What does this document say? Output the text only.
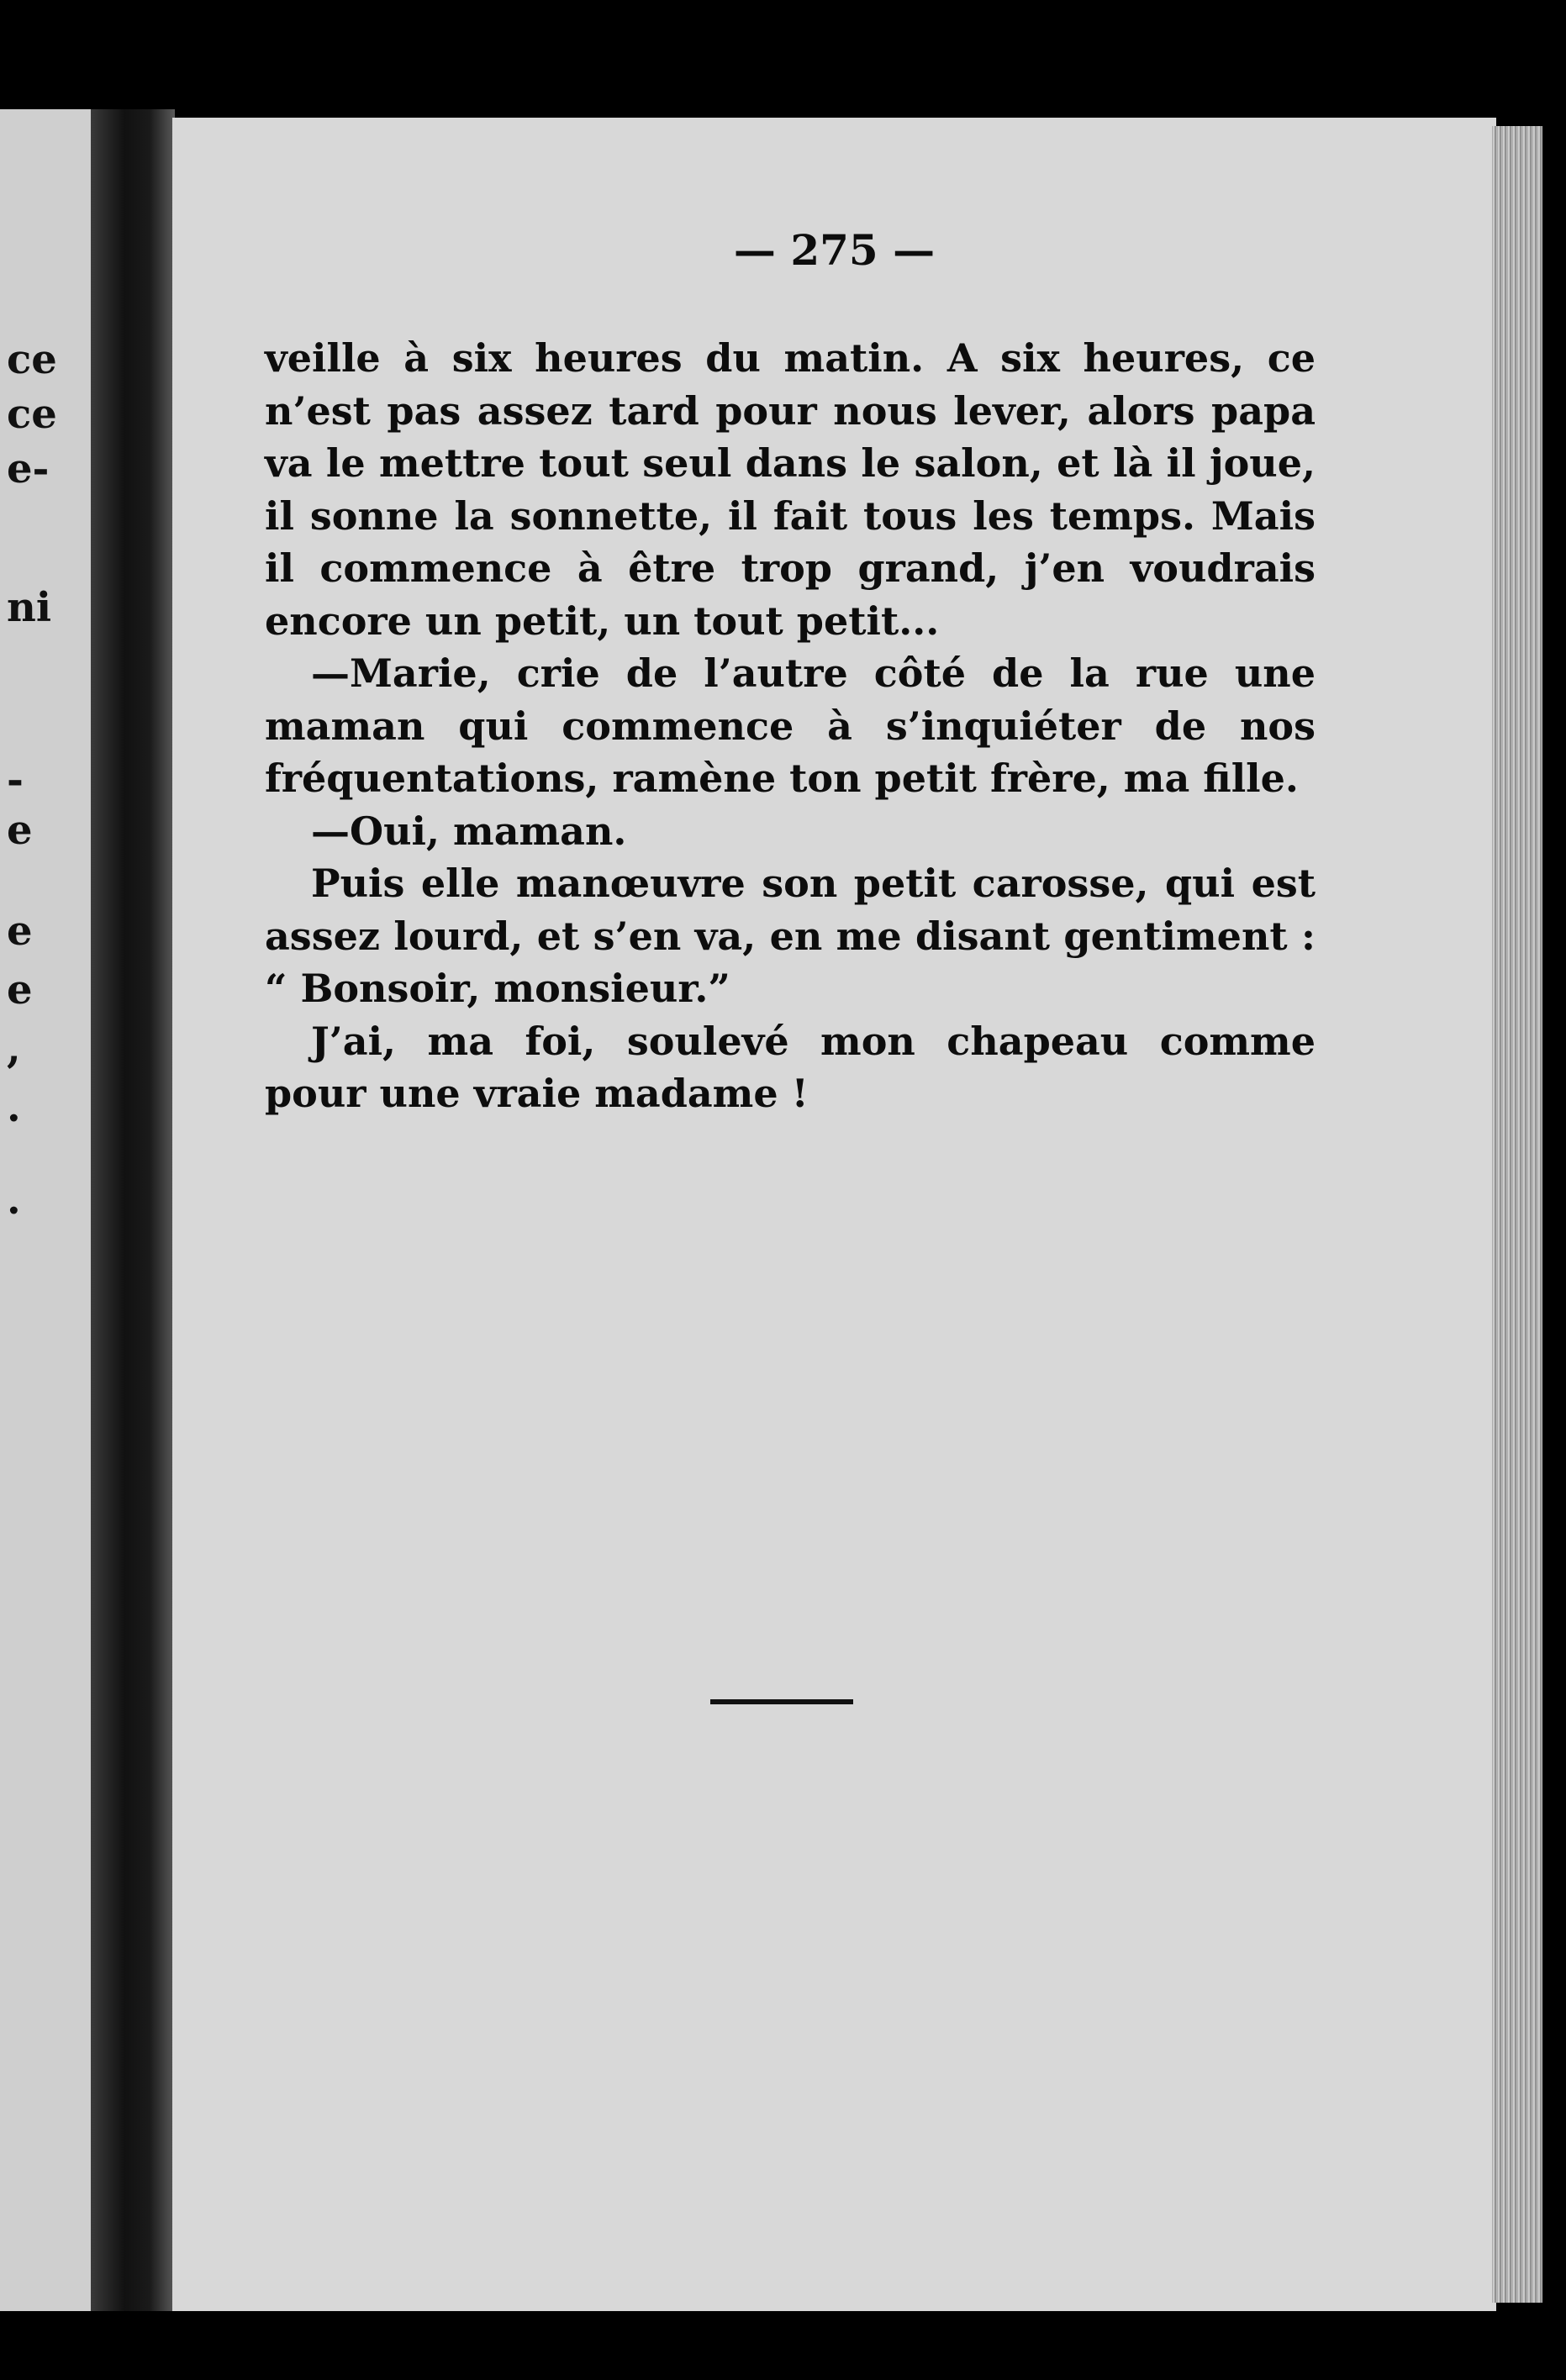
ce
ce
e-
ni
-
e
e
e
,
.
.

— 275 —

veille à six heures du matin. A six heures, ce n’est pas assez tard pour nous lever, alors papa va le mettre tout seul dans le salon, et là il joue, il sonne la sonnette, il fait tous les temps. Mais il commence à être trop grand, j’en voudrais encore un petit, un tout petit...

—Marie, crie de l’autre côté de la rue une maman qui commence à s’inquiéter de nos fréquentations, ramène ton petit frère, ma fille.

—Oui, maman.

Puis elle manœuvre son petit carosse, qui est assez lourd, et s’en va, en me disant gentiment : “ Bonsoir, monsieur.”

J’ai, ma foi, soulevé mon chapeau comme pour une vraie madame !
